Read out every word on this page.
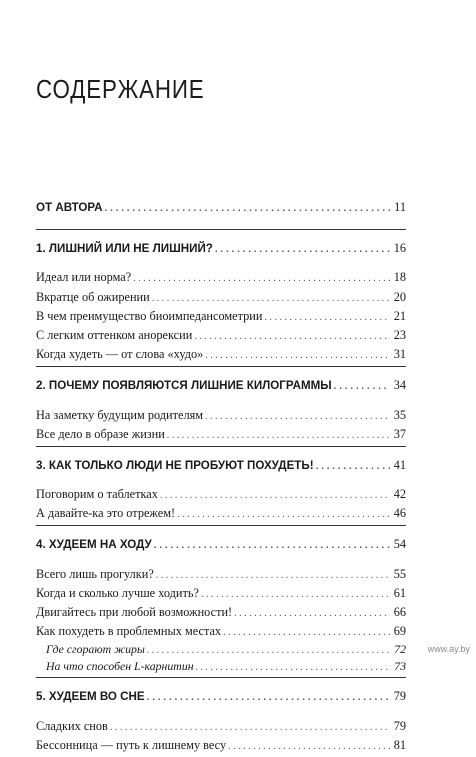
СОДЕРЖАНИЕ
ОТ АВТОРА . . .	11
1. ЛИШНИЙ ИЛИ НЕ ЛИШНИЙ? . . .	16
Идеал или норма? . . .	18
Вкратце об ожирении . . .	20
В чем преимущество биоимпедансометрии . . .	21
С легким оттенком анорексии . . .	23
Когда худеть — от слова «худо» . . .	31
2. ПОЧЕМУ ПОЯВЛЯЮТСЯ ЛИШНИЕ КИЛОГРАММЫ . . .	34
На заметку будущим родителям . . .	35
Все дело в образе жизни . . .	37
3. КАК ТОЛЬКО ЛЮДИ НЕ ПРОБУЮТ ПОХУДЕТЬ! . . .	41
Поговорим о таблетках . . .	42
А давайте-ка это отрежем! . . .	46
4. ХУДЕЕМ НА ХОДУ . . .	54
Всего лишь прогулки? . . .	55
Когда и сколько лучше ходить? . . .	61
Двигайтесь при любой возможности! . . .	66
Как похудеть в проблемных местах . . .	69
Где сгорают жиры . . .	72
На что способен L-карнитин . . .	73
5. ХУДЕЕМ ВО СНЕ . . .	79
Сладких снов . . .	79
Бессонница — путь к лишнему весу . . .	81
www.ay.by
